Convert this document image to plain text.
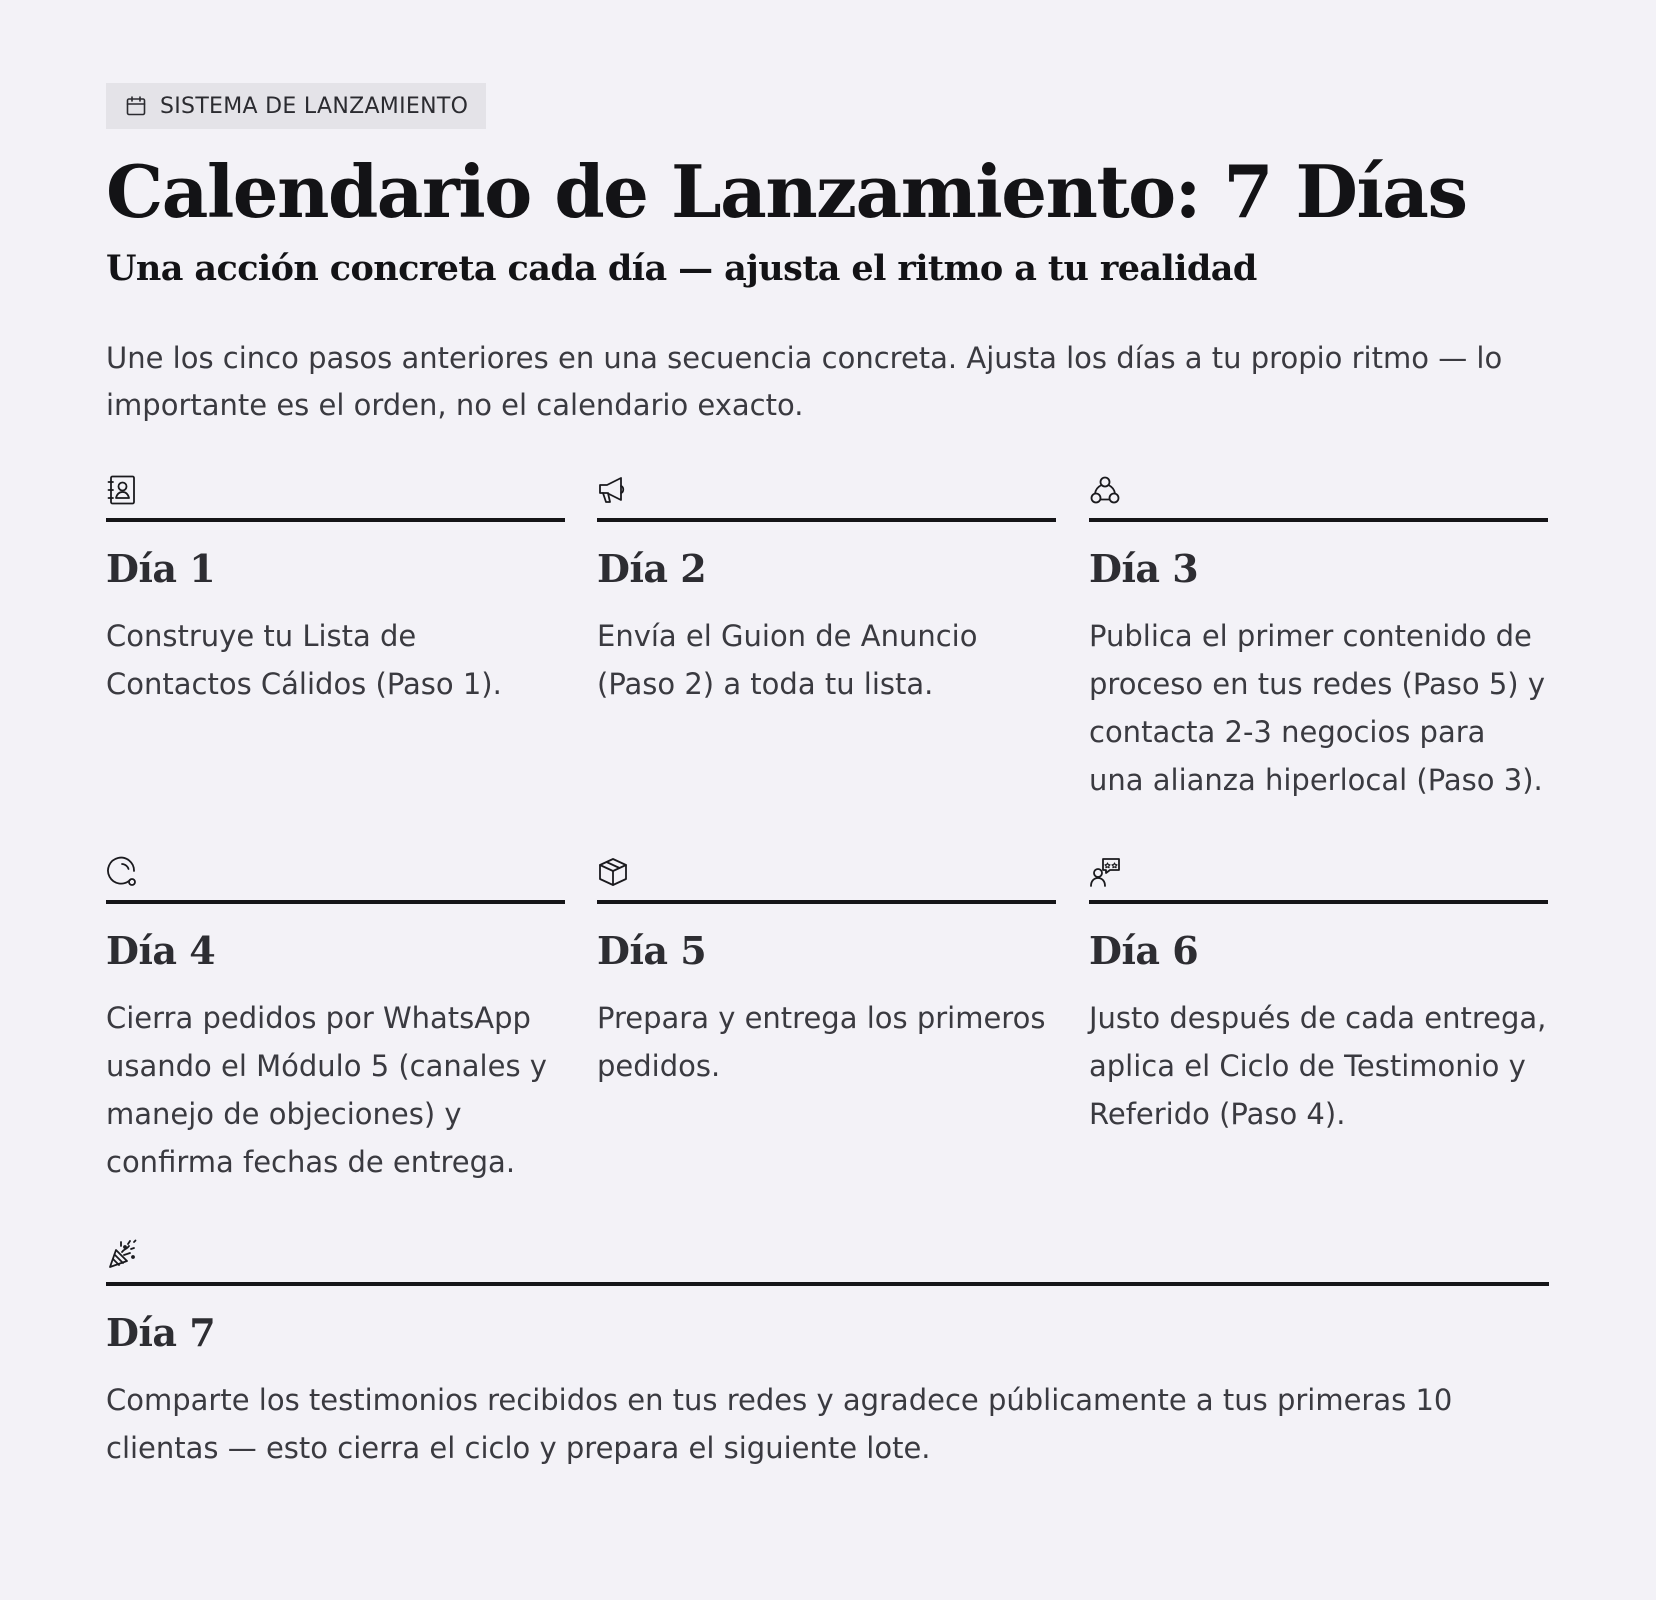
SISTEMA DE LANZAMIENTO
Calendario de Lanzamiento: 7 Días
Una acción concreta cada día — ajusta el ritmo a tu realidad

Une los cinco pasos anteriores en una secuencia concreta. Ajusta los días a tu propio ritmo — lo importante es el orden, no el calendario exacto.

Día 1
Construye tu Lista de Contactos Cálidos (Paso 1).
Día 2
Envía el Guion de Anuncio (Paso 2) a toda tu lista.
Día 3
Publica el primer contenido de proceso en tus redes (Paso 5) y contacta 2-3 negocios para una alianza hiperlocal (Paso 3).
Día 4
Cierra pedidos por WhatsApp usando el Módulo 5 (canales y manejo de objeciones) y confirma fechas de entrega.
Día 5
Prepara y entrega los primeros pedidos.
Día 6
Justo después de cada entrega, aplica el Ciclo de Testimonio y Referido (Paso 4).
Día 7
Comparte los testimonios recibidos en tus redes y agradece públicamente a tus primeras 10 clientas — esto cierra el ciclo y prepara el siguiente lote.
